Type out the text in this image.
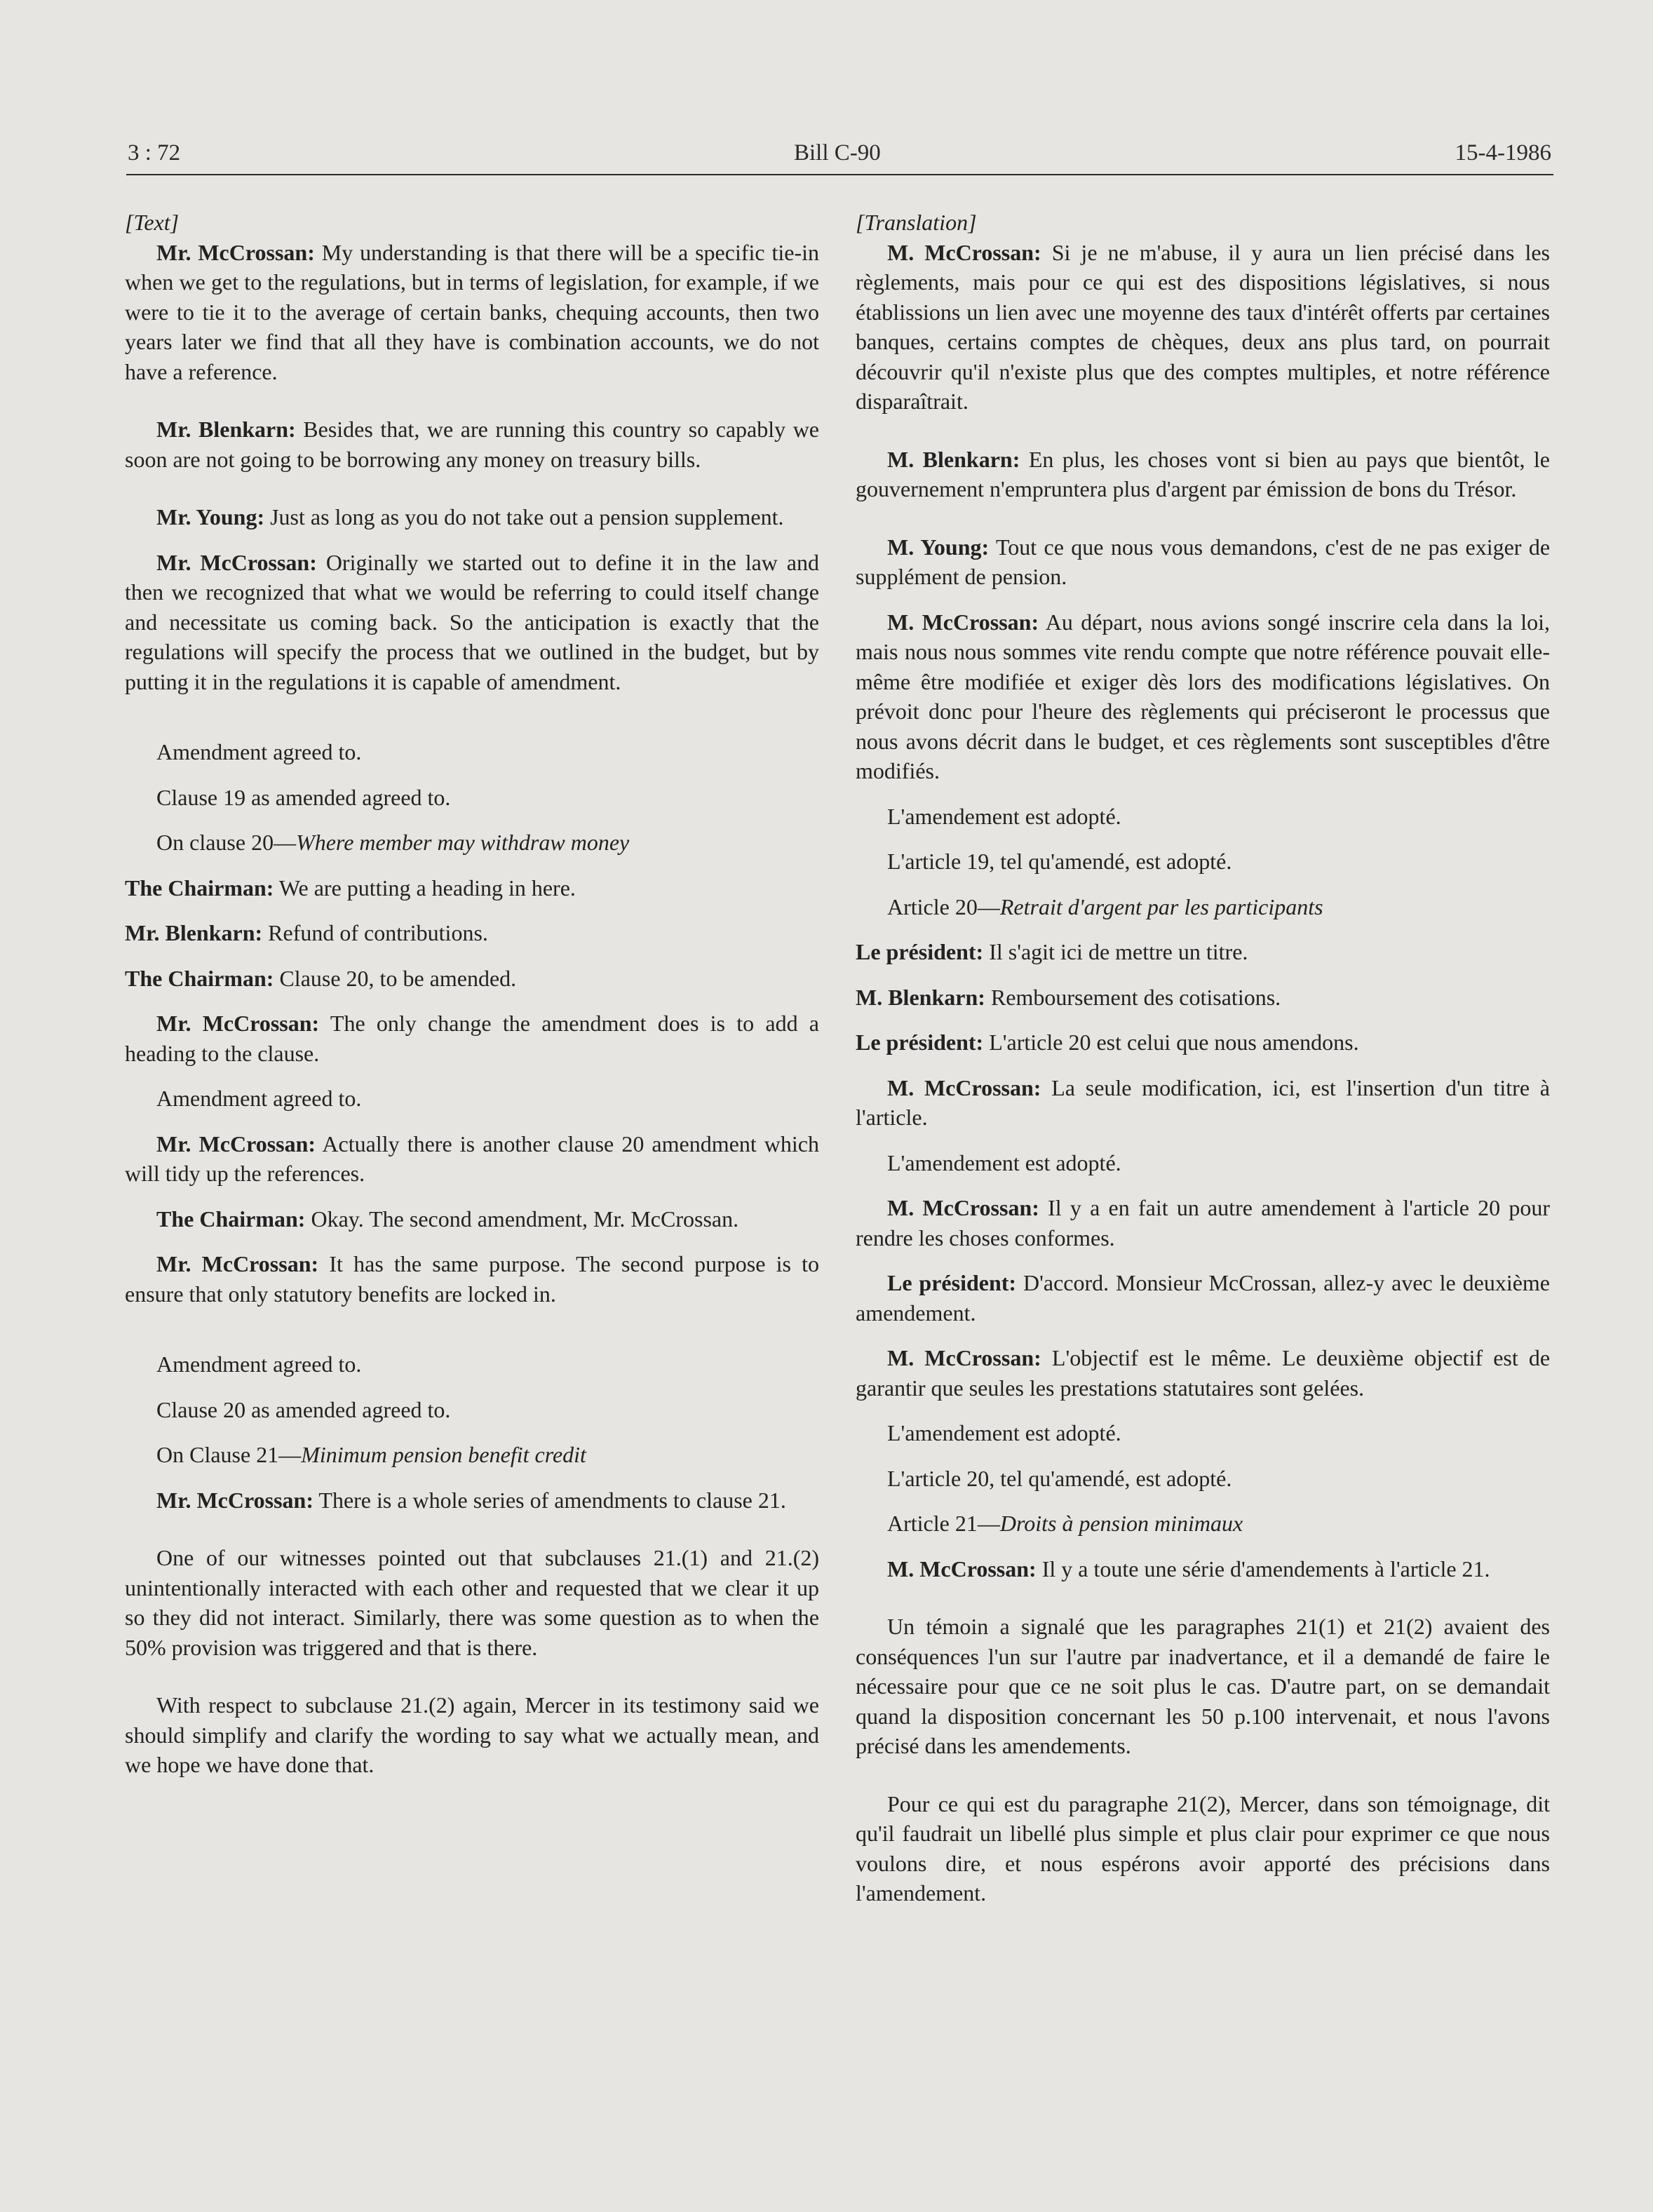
3 : 72	Bill C-90	15-4-1986

[Text]

Mr. McCrossan: My understanding is that there will be a specific tie-in when we get to the regulations, but in terms of legislation, for example, if we were to tie it to the average of certain banks, chequing accounts, then two years later we find that all they have is combination accounts, we do not have a reference.

Mr. Blenkarn: Besides that, we are running this country so capably we soon are not going to be borrowing any money on treasury bills.

Mr. Young: Just as long as you do not take out a pension supplement.

Mr. McCrossan: Originally we started out to define it in the law and then we recognized that what we would be referring to could itself change and necessitate us coming back. So the anticipation is exactly that the regulations will specify the process that we outlined in the budget, but by putting it in the regulations it is capable of amendment.

Amendment agreed to.

Clause 19 as amended agreed to.

On clause 20—Where member may withdraw money

The Chairman: We are putting a heading in here.

Mr. Blenkarn: Refund of contributions.

The Chairman: Clause 20, to be amended.

Mr. McCrossan: The only change the amendment does is to add a heading to the clause.

Amendment agreed to.

Mr. McCrossan: Actually there is another clause 20 amendment which will tidy up the references.

The Chairman: Okay. The second amendment, Mr. McCrossan.

Mr. McCrossan: It has the same purpose. The second purpose is to ensure that only statutory benefits are locked in.

Amendment agreed to.

Clause 20 as amended agreed to.

On Clause 21—Minimum pension benefit credit

Mr. McCrossan: There is a whole series of amendments to clause 21.

One of our witnesses pointed out that subclauses 21.(1) and 21.(2) unintentionally interacted with each other and requested that we clear it up so they did not interact. Similarly, there was some question as to when the 50% provision was triggered and that is there.

With respect to subclause 21.(2) again, Mercer in its testimony said we should simplify and clarify the wording to say what we actually mean, and we hope we have done that.

[Translation]

M. McCrossan: Si je ne m'abuse, il y aura un lien précisé dans les règlements, mais pour ce qui est des dispositions législatives, si nous établissions un lien avec une moyenne des taux d'intérêt offerts par certaines banques, certains comptes de chèques, deux ans plus tard, on pourrait découvrir qu'il n'existe plus que des comptes multiples, et notre référence disparaîtrait.

M. Blenkarn: En plus, les choses vont si bien au pays que bientôt, le gouvernement n'empruntera plus d'argent par émission de bons du Trésor.

M. Young: Tout ce que nous vous demandons, c'est de ne pas exiger de supplément de pension.

M. McCrossan: Au départ, nous avions songé inscrire cela dans la loi, mais nous nous sommes vite rendu compte que notre référence pouvait elle-même être modifiée et exiger dès lors des modifications législatives. On prévoit donc pour l'heure des règlements qui préciseront le processus que nous avons décrit dans le budget, et ces règlements sont susceptibles d'être modifiés.

L'amendement est adopté.

L'article 19, tel qu'amendé, est adopté.

Article 20—Retrait d'argent par les participants

Le président: Il s'agit ici de mettre un titre.

M. Blenkarn: Remboursement des cotisations.

Le président: L'article 20 est celui que nous amendons.

M. McCrossan: La seule modification, ici, est l'insertion d'un titre à l'article.

L'amendement est adopté.

M. McCrossan: Il y a en fait un autre amendement à l'article 20 pour rendre les choses conformes.

Le président: D'accord. Monsieur McCrossan, allez-y avec le deuxième amendement.

M. McCrossan: L'objectif est le même. Le deuxième objectif est de garantir que seules les prestations statutaires sont gelées.

L'amendement est adopté.

L'article 20, tel qu'amendé, est adopté.

Article 21—Droits à pension minimaux

M. McCrossan: Il y a toute une série d'amendements à l'article 21.

Un témoin a signalé que les paragraphes 21(1) et 21(2) avaient des conséquences l'un sur l'autre par inadvertance, et il a demandé de faire le nécessaire pour que ce ne soit plus le cas. D'autre part, on se demandait quand la disposition concernant les 50 p.100 intervenait, et nous l'avons précisé dans les amendements.

Pour ce qui est du paragraphe 21(2), Mercer, dans son témoignage, dit qu'il faudrait un libellé plus simple et plus clair pour exprimer ce que nous voulons dire, et nous espérons avoir apporté des précisions dans l'amendement.
